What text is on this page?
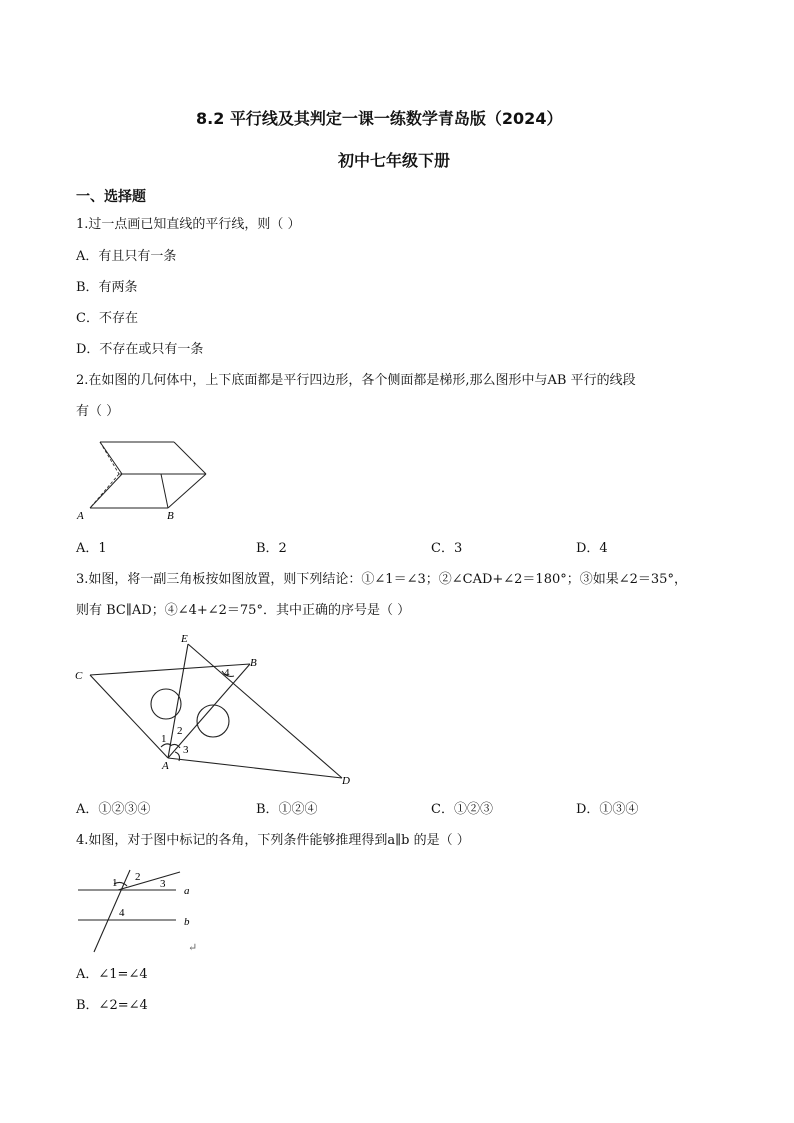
8.2 平行线及其判定一课一练数学青岛版（2024）
初中七年级下册
一、选择题
1.过一点画已知直线的平行线，则（ ）
A．有且只有一条
B．有两条
C．不存在
D．不存在或只有一条
2.在如图的几何体中，上下底面都是平行四边形，各个侧面都是梯形,那么图形中与AB 平行的线段
有（ ）
A	B
A．1	B．2	C．3	D．4
3.如图，将一副三角板按如图放置，则下列结论：①∠1＝∠3；②∠CAD+∠2＝180°；③如果∠2＝35°，
则有 BC∥AD；④∠4+∠2＝75°．其中正确的序号是（ ）
E
B
C
A
D
1
2
3
4
A．①②③④	B．①②④	C．①②③	D．①③④
4.如图，对于图中标记的各角，下列条件能够推理得到a∥b 的是（ ）
1 2
3
4
a
b
↵
A．∠1=∠4
B．∠2=∠4
